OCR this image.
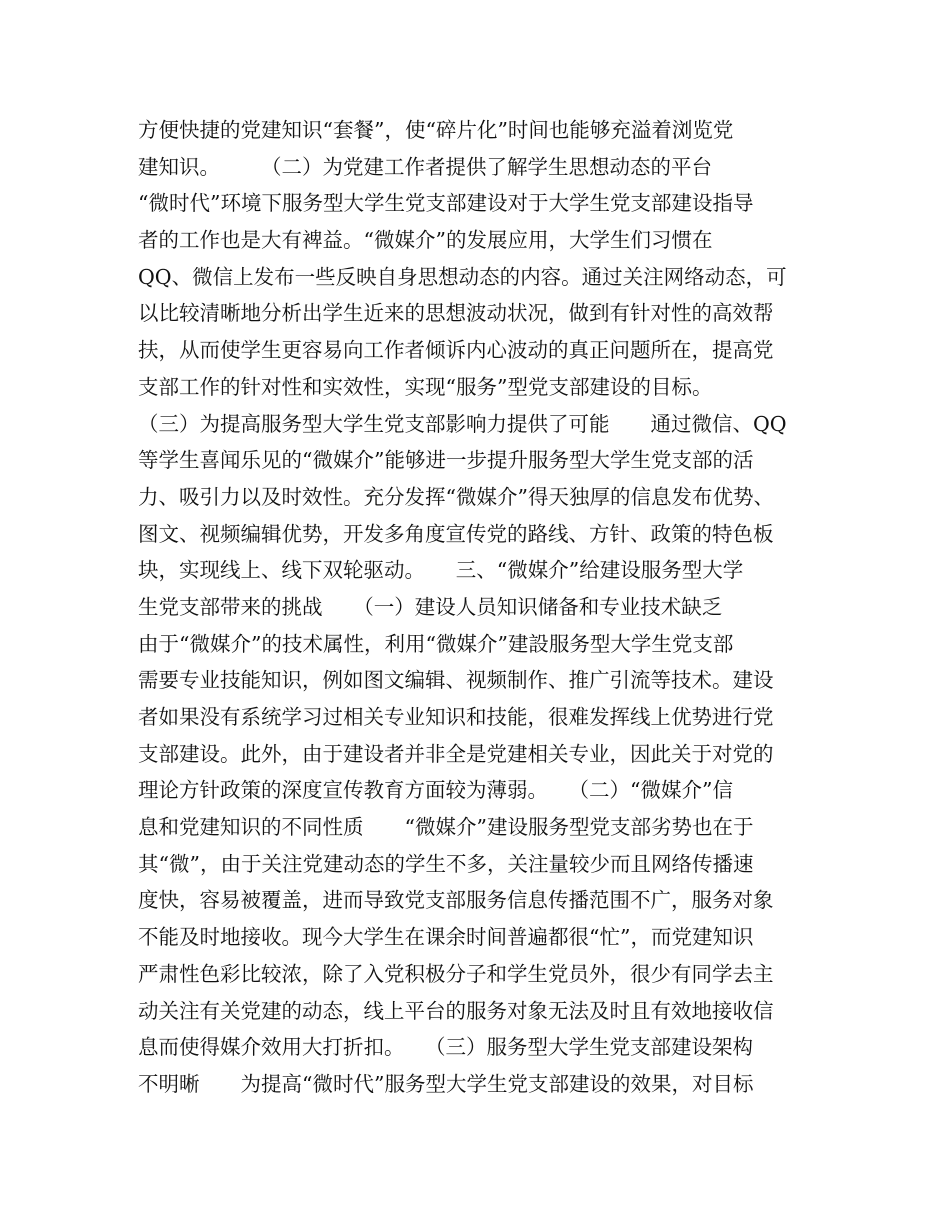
方便快捷的党建知识“套餐”，使“碎片化”时间也能够充溢着浏览党
建知识。　　　（二）为党建工作者提供了解学生思想动态的平台
“微时代”环境下服务型大学生党支部建设对于大学生党支部建设指导
者的工作也是大有裨益。“微媒介”的发展应用，大学生们习惯在
QQ、微信上发布一些反映自身思想动态的内容。通过关注网络动态，可
以比较清晰地分析出学生近来的思想波动状况，做到有针对性的高效帮
扶，从而使学生更容易向工作者倾诉内心波动的真正问题所在，提高党
支部工作的针对性和实效性，实现“服务”型党支部建设的目标。
（三）为提高服务型大学生党支部影响力提供了可能　　通过微信、QQ
等学生喜闻乐见的“微媒介”能够进一步提升服务型大学生党支部的活
力、吸引力以及时效性。充分发挥“微媒介”得天独厚的信息发布优势、
图文、视频编辑优势，开发多角度宣传党的路线、方针、政策的特色板
块，实现线上、线下双轮驱动。　　三、“微媒介”给建设服务型大学
生党支部带来的挑战　　（一）建设人员知识储备和专业技术缺乏
由于“微媒介”的技术属性，利用“微媒介”建設服务型大学生党支部
需要专业技能知识，例如图文编辑、视频制作、推广引流等技术。建设
者如果没有系统学习过相关专业知识和技能，很难发挥线上优势进行党
支部建设。此外，由于建设者并非全是党建相关专业，因此关于对党的
理论方针政策的深度宣传教育方面较为薄弱。　　（二）“微媒介”信
息和党建知识的不同性质　　“微媒介”建设服务型党支部劣势也在于
其“微”，由于关注党建动态的学生不多，关注量较少而且网络传播速
度快，容易被覆盖，进而导致党支部服务信息传播范围不广，服务对象
不能及时地接收。现今大学生在课余时间普遍都很“忙”，而党建知识
严肃性色彩比较浓，除了入党积极分子和学生党员外，很少有同学去主
动关注有关党建的动态，线上平台的服务对象无法及时且有效地接收信
息而使得媒介效用大打折扣。　　（三）服务型大学生党支部建设架构
不明晰　　为提高“微时代”服务型大学生党支部建设的效果，对目标
